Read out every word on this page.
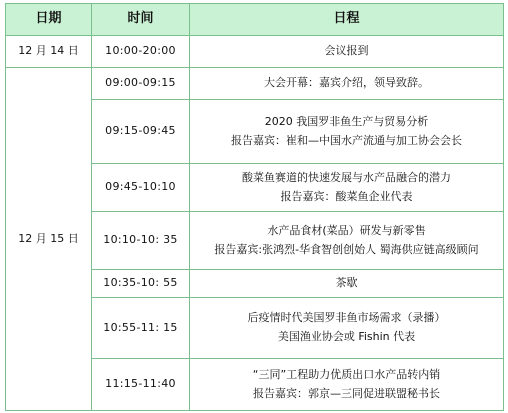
日期	时间	日程
12 月 14 日	10:00-20:00	会议报到

12 月 15 日	09:00-09:15	大会开幕：嘉宾介绍，领导致辞。

	09:15-09:45	2020 我国罗非鱼生产与贸易分析
报告嘉宾：崔和—中国水产流通与加工协会会长

	09:45-10:10	酸菜鱼赛道的快速发展与水产品融合的潜力
报告嘉宾：酸菜鱼企业代表

	10:10-10: 35	水产品食材(菜品）研发与新零售
报告嘉宾:张鸿烈-华食智创创始人 蜀海供应链高级顾问

	10:35-10: 55	茶歇

	10:55-11: 15	后疫情时代美国罗非鱼市场需求（录播）
美国渔业协会或 Fishin 代表

	11:15-11:40	“三同”工程助力优质出口水产品转内销
报告嘉宾：郭京—三同促进联盟秘书长
